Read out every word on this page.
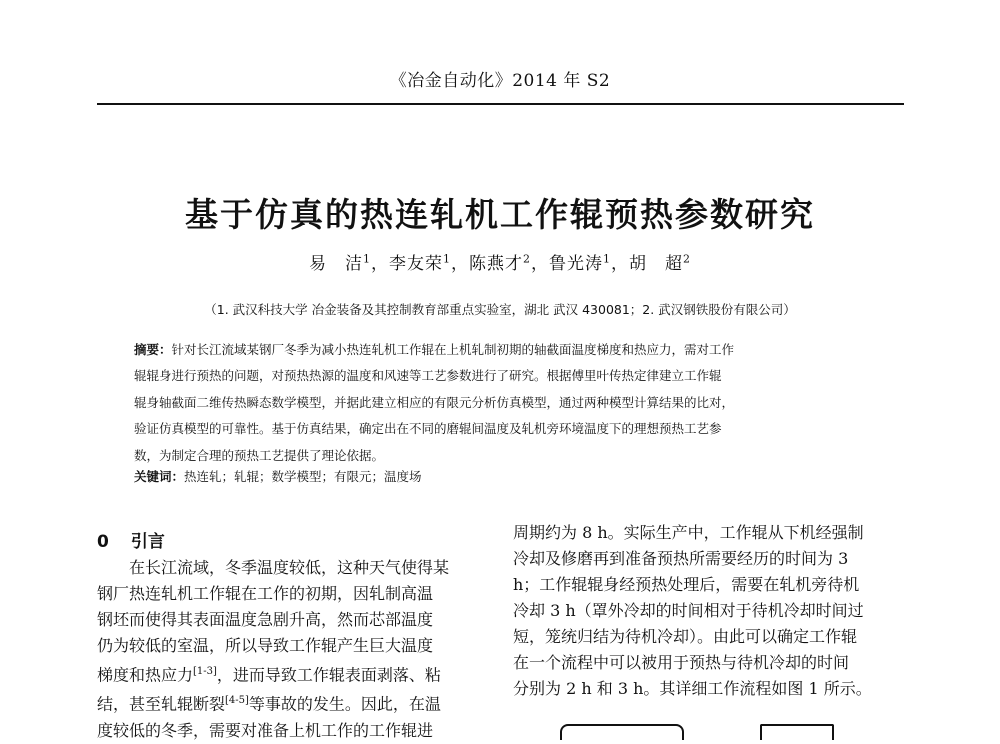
《冶金自动化》2014 年 S2
基于仿真的热连轧机工作辊预热参数研究
易　洁$^1$，李友荣$^1$，陈燕才$^2$，鲁光涛$^1$，胡　超$^2$
（1. 武汉科技大学 冶金装备及其控制教育部重点实验室，湖北 武汉 430081；2. 武汉钢铁股份有限公司）
摘要：针对长江流域某钢厂冬季为减小热连轧机工作辊在上机轧制初期的轴截面温度梯度和热应力，需对工作
辊辊身进行预热的问题，对预热热源的温度和风速等工艺参数进行了研究。根据傅里叶传热定律建立工作辊
辊身轴截面二维传热瞬态数学模型，并据此建立相应的有限元分析仿真模型，通过两种模型计算结果的比对，
验证仿真模型的可靠性。基于仿真结果，确定出在不同的磨辊间温度及轧机旁环境温度下的理想预热工艺参
数，为制定合理的预热工艺提供了理论依据。
关键词：热连轧；轧辊；数学模型；有限元；温度场
0 引言
　　在长江流域，冬季温度较低，这种天气使得某
钢厂热连轧机工作辊在工作的初期，因轧制高温
钢坯而使得其表面温度急剧升高，然而芯部温度
仍为较低的室温，所以导致工作辊产生巨大温度
梯度和热应力[1-3]，进而导致工作辊表面剥落、粘
结，甚至轧辊断裂[4-5]等事故的发生。因此，在温
度较低的冬季，需要对准备上机工作的工作辊进
周期约为 8 h。实际生产中，工作辊从下机经强制
冷却及修磨再到准备预热所需要经历的时间为 3
h；工作辊辊身经预热处理后，需要在轧机旁待机
冷却 3 h（罩外冷却的时间相对于待机冷却时间过
短，笼统归结为待机冷却）。由此可以确定工作辊
在一个流程中可以被用于预热与待机冷却的时间
分别为 2 h 和 3 h。其详细工作流程如图 1 所示。
